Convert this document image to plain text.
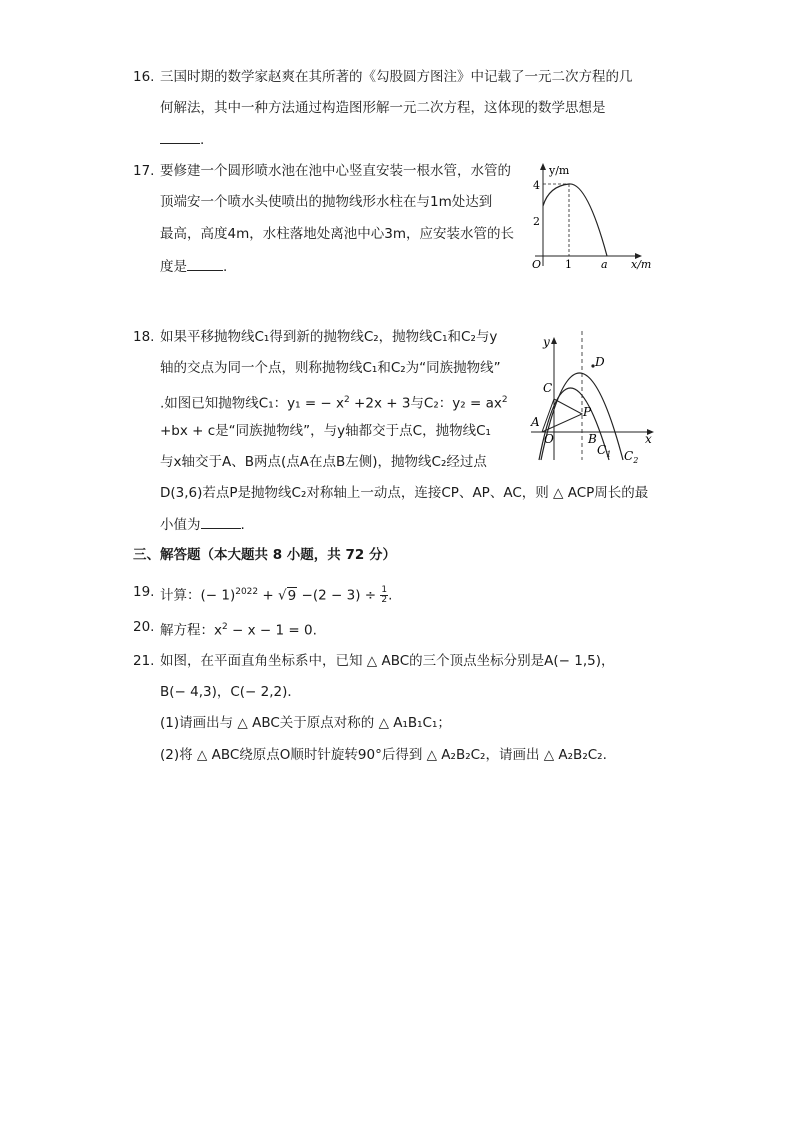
16. 三国时期的数学家赵爽在其所著的《勾股圆方图注》中记载了一元二次方程的几
何解法，其中一种方法通过构造图形解一元二次方程，这体现的数学思想是
.
17. 要修建一个圆形喷水池在池中心竖直安装一根水管，水管的
顶端安一个喷水头使喷出的抛物线形水柱在与1m处达到
最高，高度4m，水柱落地处离池中心3m，应安装水管的长
度是	.
y/m
4
2
O 1	a x/m
18. 如果平移抛物线C₁得到新的抛物线C₂，抛物线C₁和C₂与y
轴的交点为同一个点，则称抛物线C₁和C₂为“同族抛物线”
.如图已知抛物线C₁：y₁ = − $x^2 +2x + 3$与C₂：$y_2 = ax^2$
+bx + c是“同族抛物线”，与y轴都交于点C，抛物线C₁
与x轴交于A、B两点(点A在点B左侧)，抛物线C₂经过点
D(3,6)若点P是抛物线C₂对称轴上一动点，连接CP、AP、AC，则 △ ACP周长的最
小值为	.
y
x
D
C
P
A
O	B
$C_1$ $C_2$
三、解答题（本大题共 8 小题，共 72 分）
19. 计算：(− $1)^{2022} + √9 -(2 - 3) \div \frac{1}{2}$ .
20. 解方程：$x^2 - x - 1 = 0$.
21. 如图，在平面直角坐标系中，已知 △ ABC的三个顶点坐标分别是A(− 1,5)，
B(− 4,3)，C(− 2,2)．
(1)请画出与 △ ABC关于原点对称的 △ A₁B₁C₁；
(2)将 △ ABC绕原点O顺时针旋转90°后得到 △ A₂B₂C₂，请画出 △ A₂B₂C₂.
